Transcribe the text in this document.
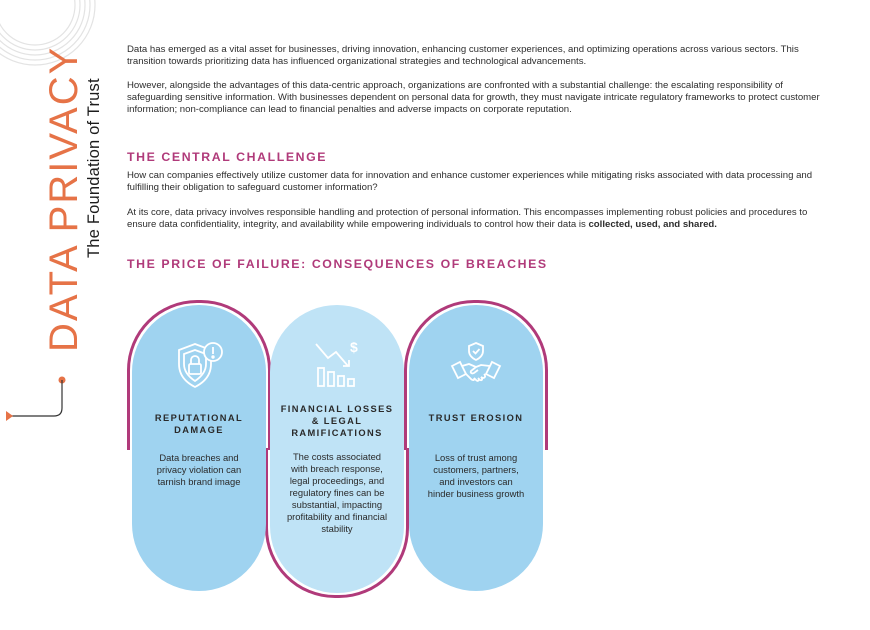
DATA PRIVACY The Foundation of Trust

Data has emerged as a vital asset for businesses, driving innovation, enhancing customer experiences, and optimizing operations across various sectors. This transition towards prioritizing data has influenced organizational strategies and technological advancements.

However, alongside the advantages of this data-centric approach, organizations are confronted with a substantial challenge: the escalating responsibility of safeguarding sensitive information. With businesses dependent on personal data for growth, they must navigate intricate regulatory frameworks to protect customer information; non-compliance can lead to financial penalties and adverse impacts on corporate reputation.

THE CENTRAL CHALLENGE
How can companies effectively utilize customer data for innovation and enhance customer experiences while mitigating risks associated with data processing and fulfilling their obligation to safeguard customer information?
At its core, data privacy involves responsible handling and protection of personal information. This encompasses implementing robust policies and procedures to ensure data confidentiality, integrity, and availability while empowering individuals to control how their data is collected, used, and shared.
THE PRICE OF FAILURE: CONSEQUENCES OF BREACHES
REPUTATIONAL DAMAGE
Data breaches and privacy violation can tarnish brand image
$
FINANCIAL LOSSES & LEGAL RAMIFICATIONS
The costs associated with breach response, legal proceedings, and regulatory fines can be substantial, impacting profitability and financial stability
TRUST EROSION
Loss of trust among customers, partners, and investors can hinder business growth
